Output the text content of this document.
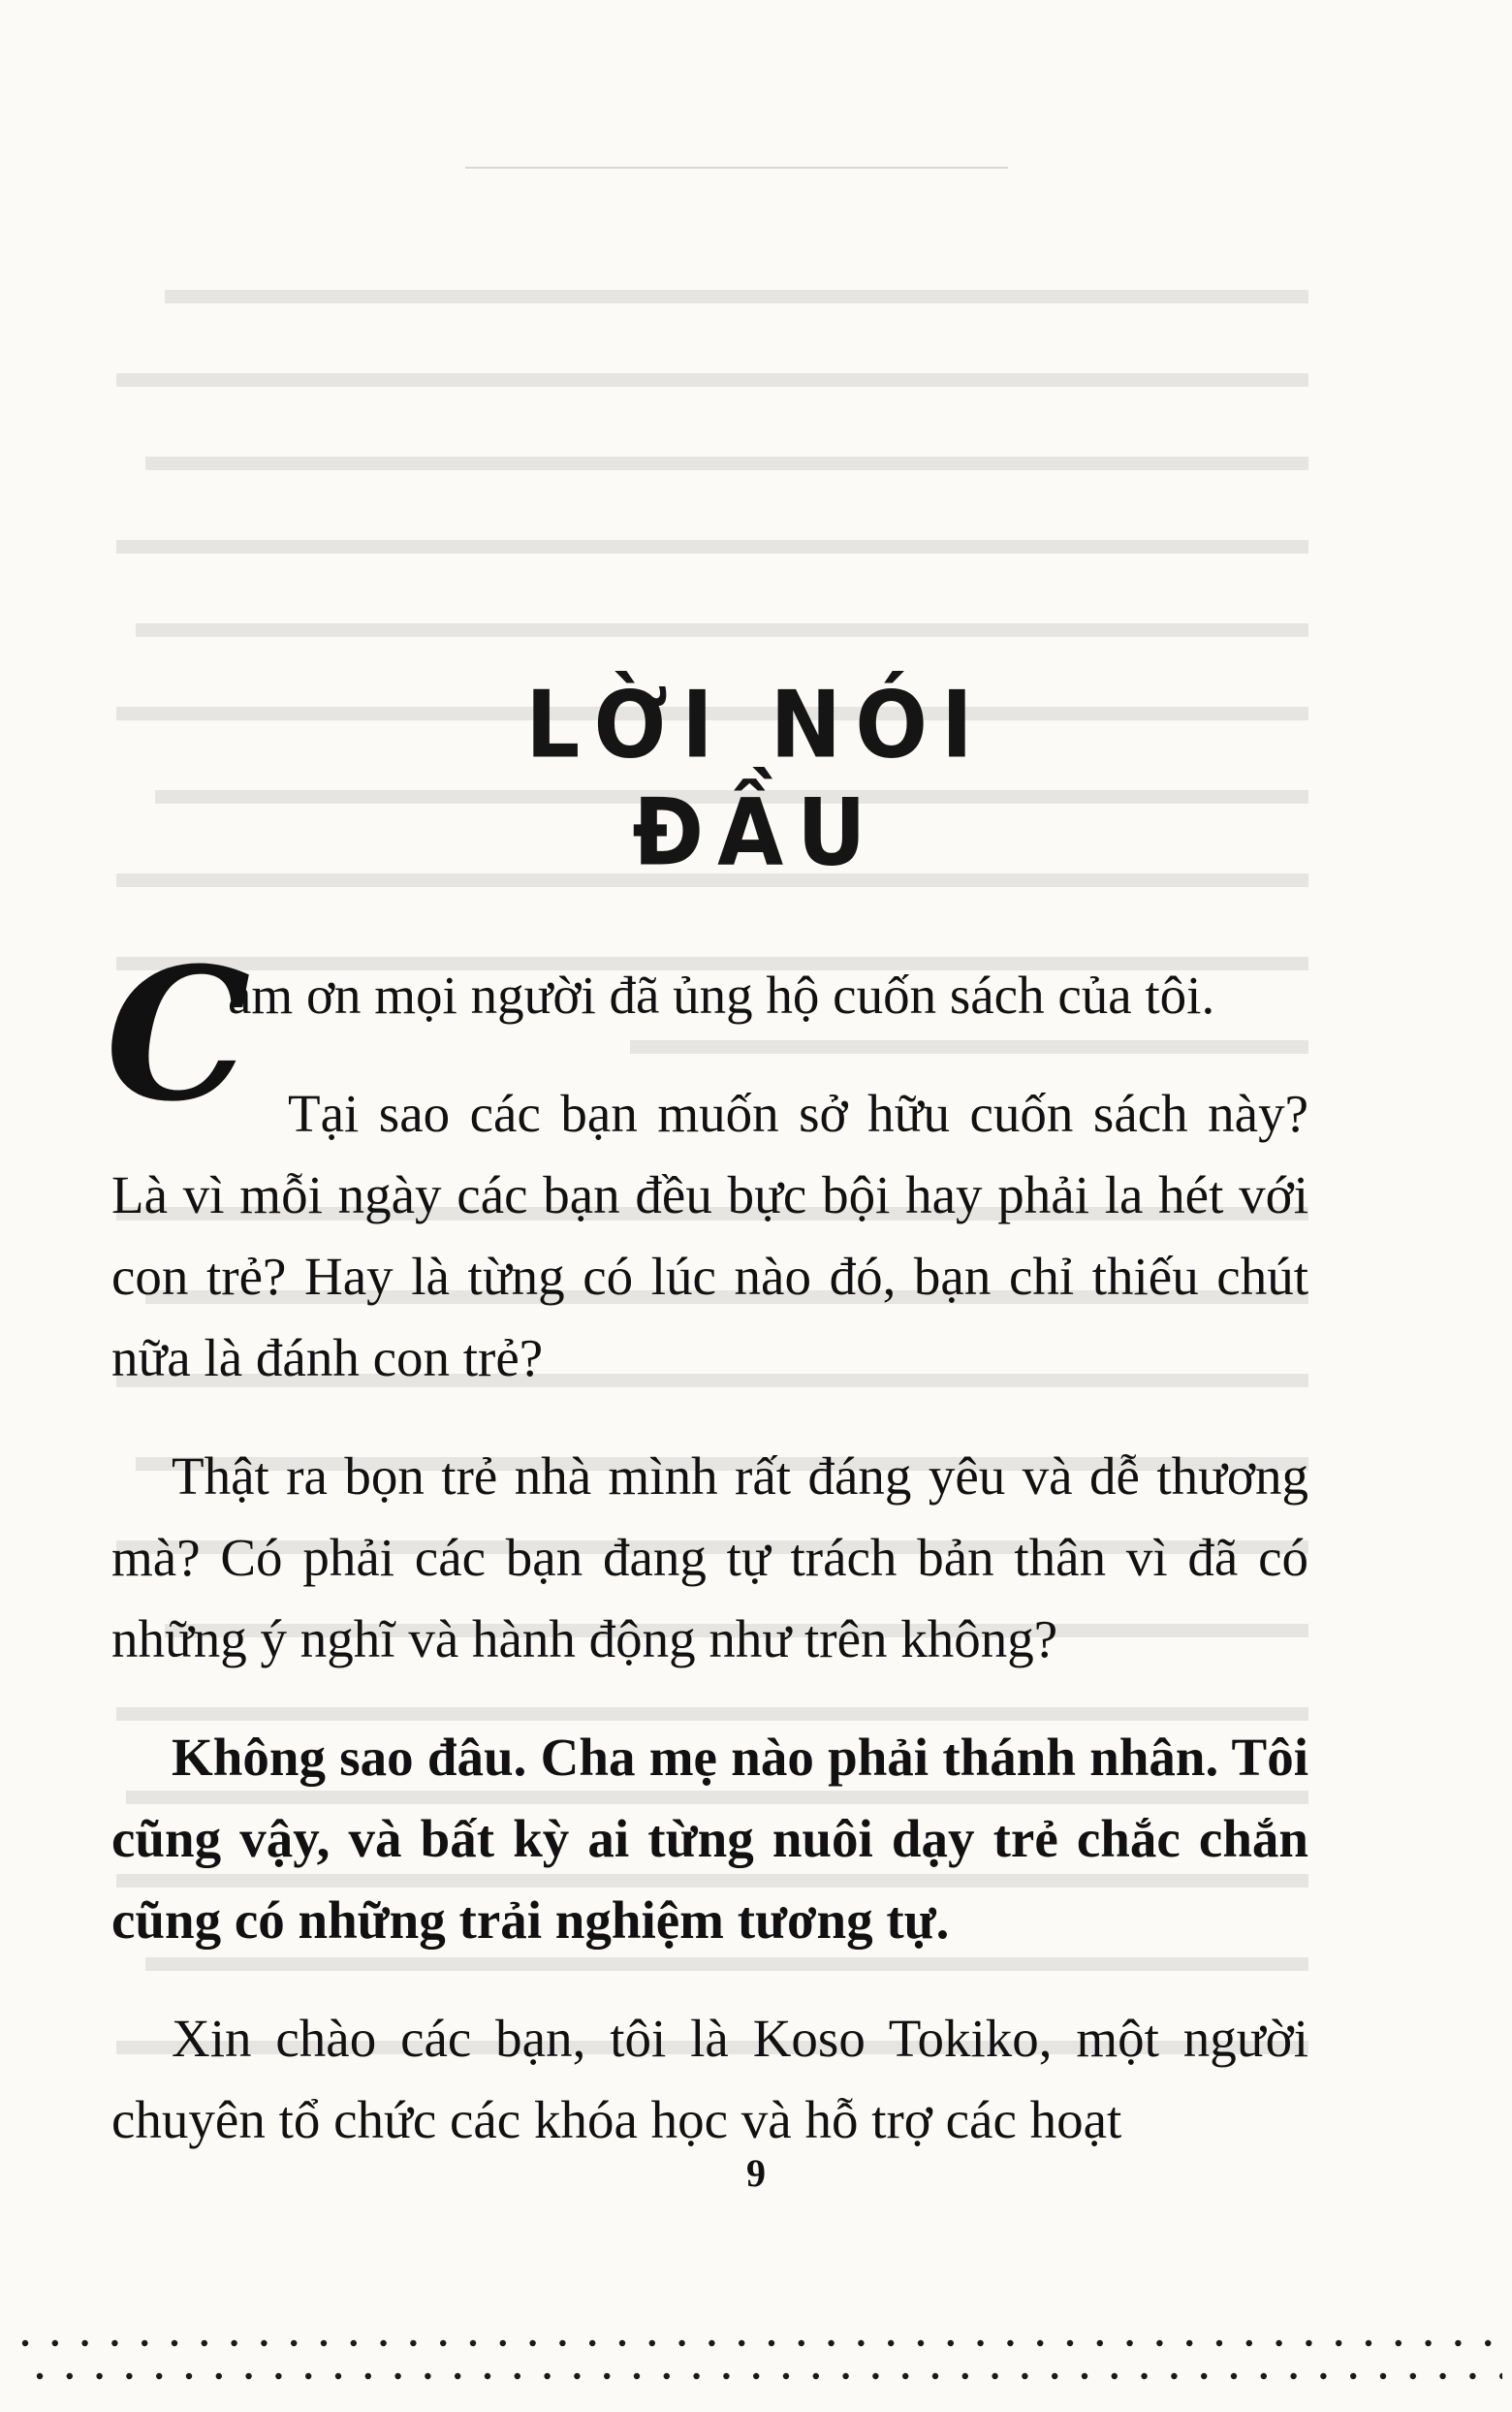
LỜI NÓI ĐẦU

C
ảm ơn mọi người đã ủng hộ cuốn sách của tôi.

Tại sao các bạn muốn sở hữu cuốn sách này? Là vì mỗi ngày các bạn đều bực bội hay phải la hét với con trẻ? Hay là từng có lúc nào đó, bạn chỉ thiếu chút nữa là đánh con trẻ?

Thật ra bọn trẻ nhà mình rất đáng yêu và dễ thương mà? Có phải các bạn đang tự trách bản thân vì đã có những ý nghĩ và hành động như trên không?

Không sao đâu. Cha mẹ nào phải thánh nhân. Tôi cũng vậy, và bất kỳ ai từng nuôi dạy trẻ chắc chắn cũng có những trải nghiệm tương tự.

Xin chào các bạn, tôi là Koso Tokiko, một người chuyên tổ chức các khóa học và hỗ trợ các hoạt

9
